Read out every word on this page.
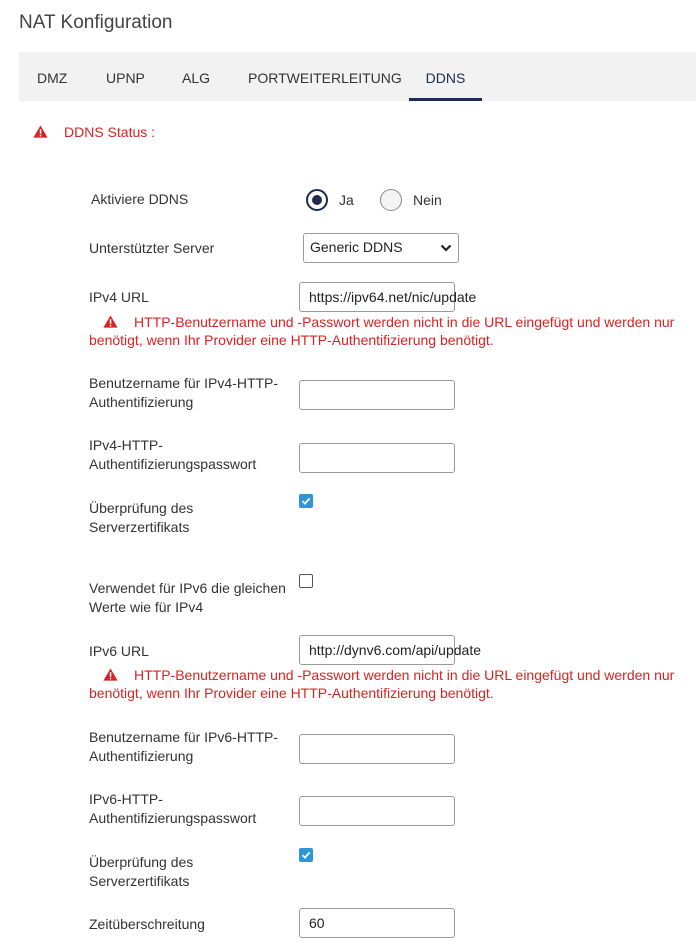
NAT Konfiguration
DMZ	UPNP	ALG	PORTWEITERLEITUNG	DDNS
DDNS Status :
Aktiviere DDNS	Ja	Nein
Unterstützter Server	Generic DDNS
IPv4 URL	https://ipv64.net/nic/update
HTTP-Benutzername und -Passwort werden nicht in die URL eingefügt und werden nur benötigt, wenn Ihr Provider eine HTTP-Authentifizierung benötigt.
Benutzername für IPv4-HTTP-Authentifizierung
IPv4-HTTP-Authentifizierungspasswort
Überprüfung des Serverzertifikats
Verwendet für IPv6 die gleichen Werte wie für IPv4
IPv6 URL	http://dynv6.com/api/update
HTTP-Benutzername und -Passwort werden nicht in die URL eingefügt und werden nur benötigt, wenn Ihr Provider eine HTTP-Authentifizierung benötigt.
Benutzername für IPv6-HTTP-Authentifizierung
IPv6-HTTP-Authentifizierungspasswort
Überprüfung des Serverzertifikats
Zeitüberschreitung	60
